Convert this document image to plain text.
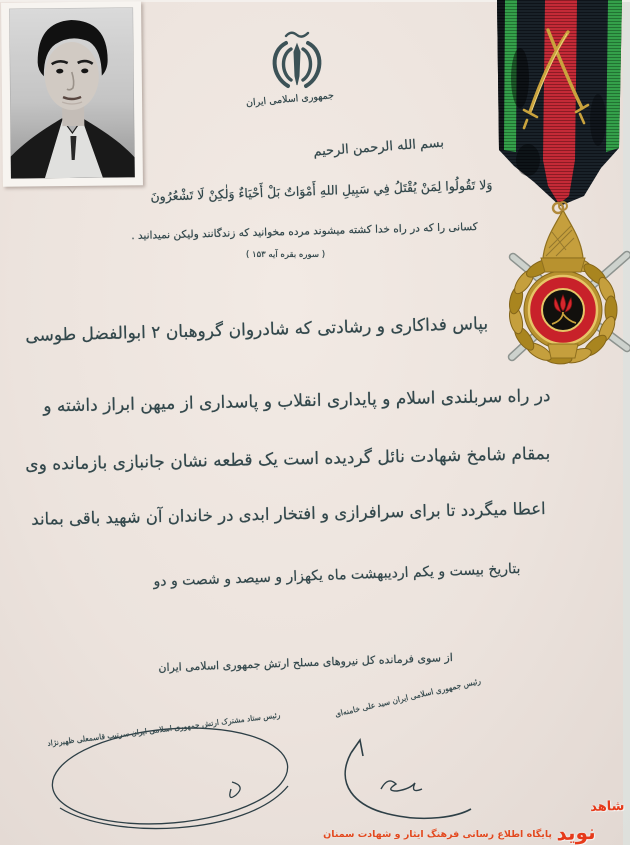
جمهوری اسلامی ایران
بسم الله الرحمن الرحیم
وَلا تَقُولُوا لِمَنْ يُقْتَلُ فِي سَبِيلِ اللهِ أَمْوَاتٌ بَلْ أَحْيَاءٌ وَلٰكِنْ لَا تَشْعُرُونَ
کسانی را که در راه خدا کشته میشوند مرده مخوانید که زندگانند ولیکن نمیدانید .
( سوره بقره آیه ۱۵۳ )
بپاس فداکاری و رشادتی که شادروان گروهبان ۲ ابوالفضل طوسی
در راه سربلندی اسلام و پایداری انقلاب و پاسداری از میهن ابراز داشته و
بمقام شامخ شهادت نائل گردیده است یک قطعه نشان جانبازی بازمانده وی
اعطا میگردد تا برای سرافرازی و افتخار ابدی در خاندان آن شهید باقی بماند
بتاریخ بیست و یکم اردیبهشت ماه یکهزار و سیصد و شصت و دو
از سوی فرمانده کل نیروهای مسلح ارتش جمهوری اسلامی ایران
رئیس ستاد مشترک ارتش جمهوری اسلامی ایران سرتیپ قاسمعلی ظهیرنژاد
رئیس جمهوری اسلامی ایران سید علی خامنه‌ای
پایگاه اطلاع رسانی فرهنگ ایثار و شهادت سمنان
شاهد
نوید
